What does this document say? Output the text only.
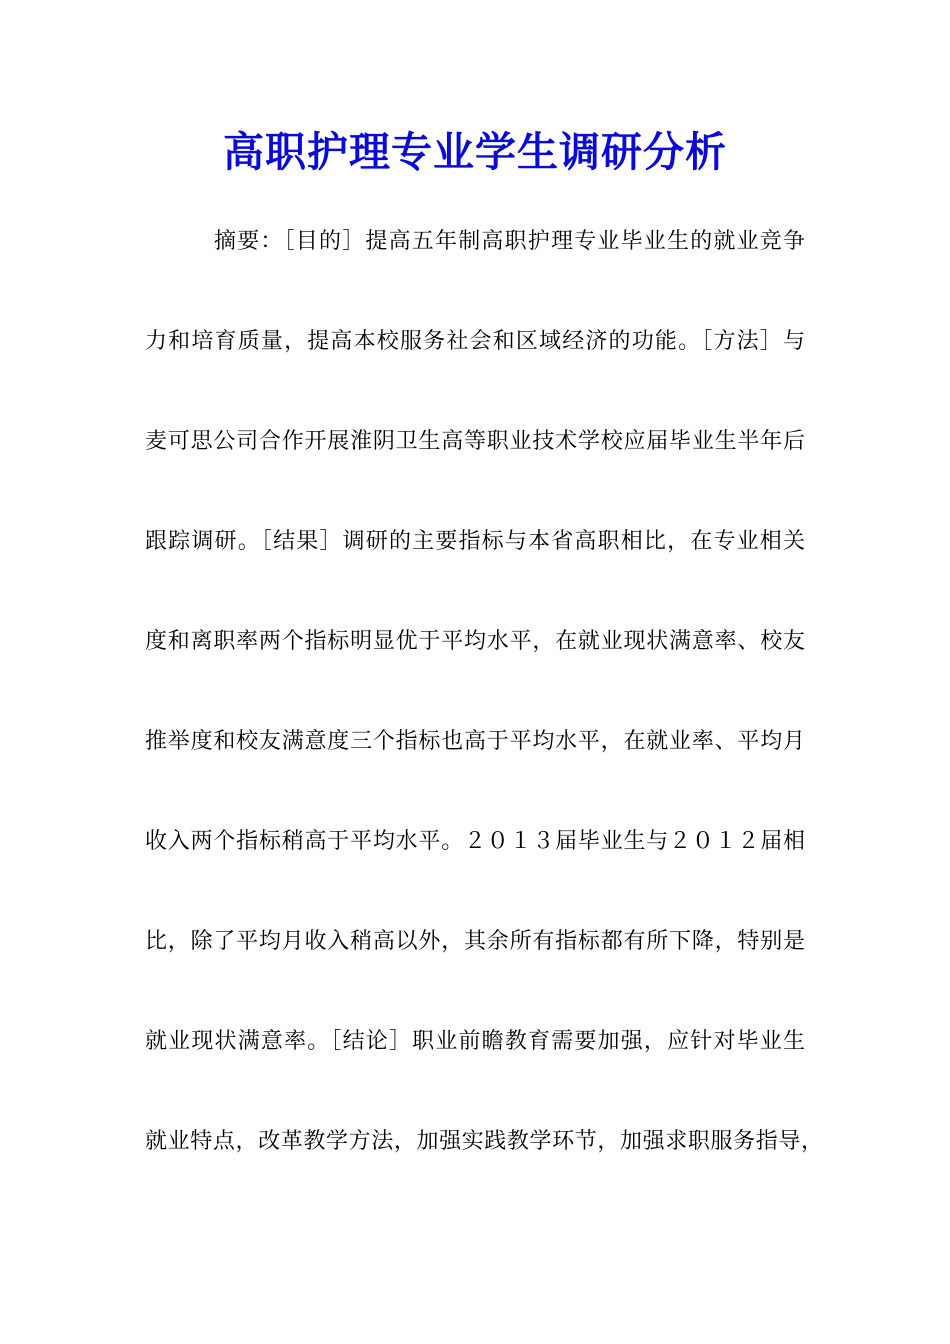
高职护理专业学生调研分析
摘要：［目的］提高五年制高职护理专业毕业生的就业竞争
力和培育质量，提高本校服务社会和区域经济的功能。［方法］与
麦可思公司合作开展淮阴卫生高等职业技术学校应届毕业生半年后
跟踪调研。［结果］调研的主要指标与本省高职相比，在专业相关
度和离职率两个指标明显优于平均水平，在就业现状满意率、校友
推举度和校友满意度三个指标也高于平均水平，在就业率、平均月
收入两个指标稍高于平均水平。２０１３届毕业生与２０１２届相
比，除了平均月收入稍高以外，其余所有指标都有所下降，特别是
就业现状满意率。［结论］职业前瞻教育需要加强，应针对毕业生
就业特点，改革教学方法，加强实践教学环节，加强求职服务指导，
